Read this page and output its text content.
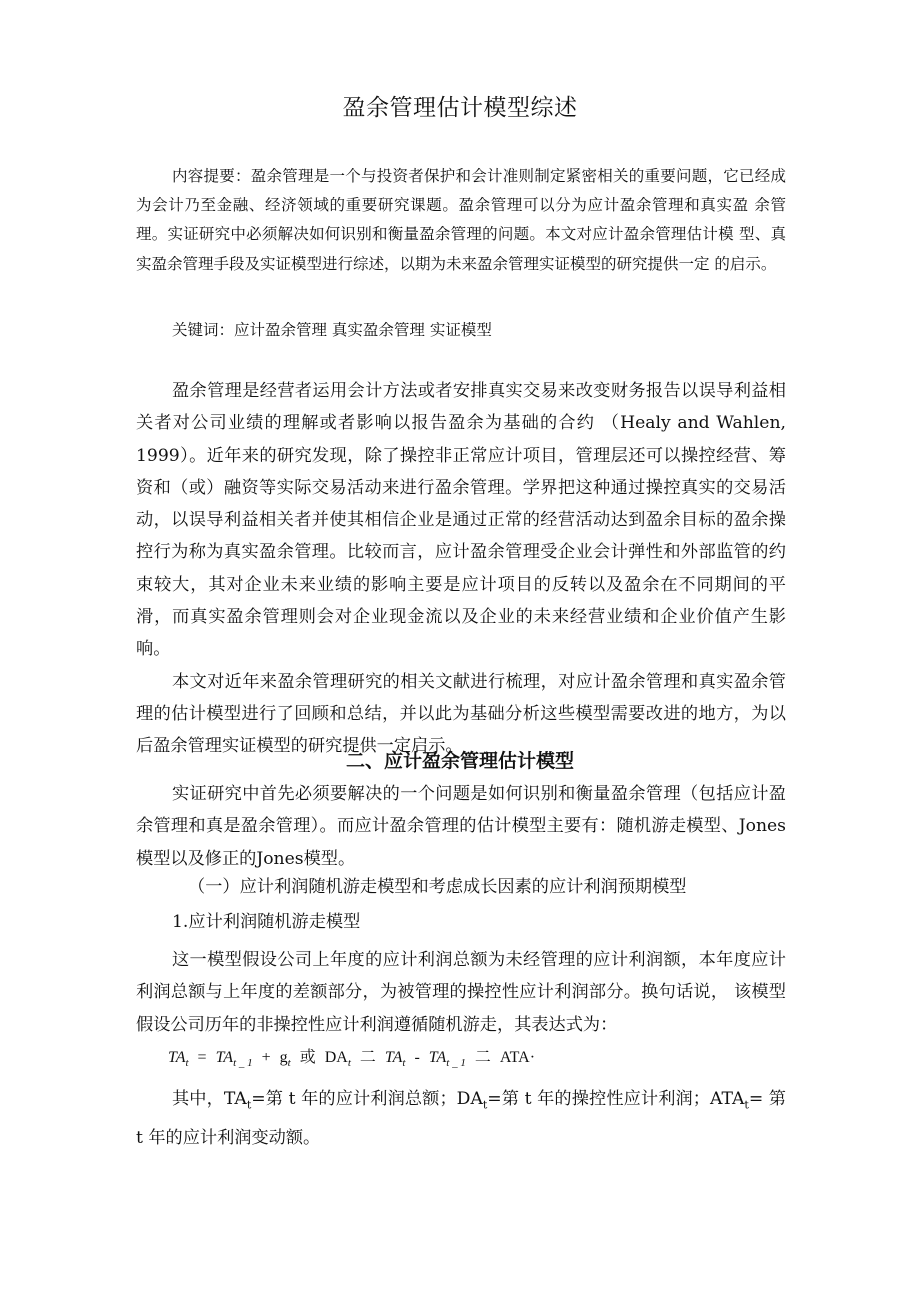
盈余管理估计模型综述

内容提要：盈余管理是一个与投资者保护和会计准则制定紧密相关的重要问题，它已经成为会计乃至金融、经济领域的重要研究课题。盈余管理可以分为应计盈余管理和真实盈 余管理。实证研究中必须解决如何识别和衡量盈余管理的问题。本文对应计盈余管理估计模 型、真实盈余管理手段及实证模型进行综述，以期为未来盈余管理实证模型的研究提供一定 的启示。

关键词：应计盈余管理 真实盈余管理 实证模型

盈余管理是经营者运用会计方法或者安排真实交易来改变财务报告以误导利益相关者对公司业绩的理解或者影响以报告盈余为基础的合约 （Healy and Wahlen, 1999）。近年来的研究发现，除了操控非正常应计项目，管理层还可以操控经营、筹资和（或）融资等实际交易活动来进行盈余管理。学界把这种通过操控真实的交易活动，以误导利益相关者并使其相信企业是通过正常的经营活动达到盈余目标的盈余操控行为称为真实盈余管理。比较而言，应计盈余管理受企业会计弹性和外部监管的约束较大，其对企业未来业绩的影响主要是应计项目的反转以及盈余在不同期间的平滑，而真实盈余管理则会对企业现金流以及企业的未来经营业绩和企业价值产生影响。

本文对近年来盈余管理研究的相关文献进行梳理，对应计盈余管理和真实盈余管理的估计模型进行了回顾和总结，并以此为基础分析这些模型需要改进的地方，为以后盈余管理实证模型的研究提供一定启示。

二、应计盈余管理估计模型

实证研究中首先必须要解决的一个问题是如何识别和衡量盈余管理（包括应计盈余管理和真是盈余管理）。而应计盈余管理的估计模型主要有：随机游走模型、Jones模型以及修正的Jones模型。

（一）应计利润随机游走模型和考虑成长因素的应计利润预期模型
1.应计利润随机游走模型

这一模型假设公司上年度的应计利润总额为未经管理的应计利润额，本年度应计利润总额与上年度的差额部分，为被管理的操控性应计利润部分。换句话说， 该模型假设公司历年的非操控性应计利润遵循随机游走，其表达式为：

$TA_t = TA_{t \_ 1} + g_t$ 或 $DA_t$ 二 $TA_t - TA_{t \_ 1}$ 二 ATA·

其中，$TA_t=$第 t 年的应计利润总额；$DA_t=$第 t 年的操控性应计利润；$ATA_t=$ 第 t 年的应计利润变动额。
